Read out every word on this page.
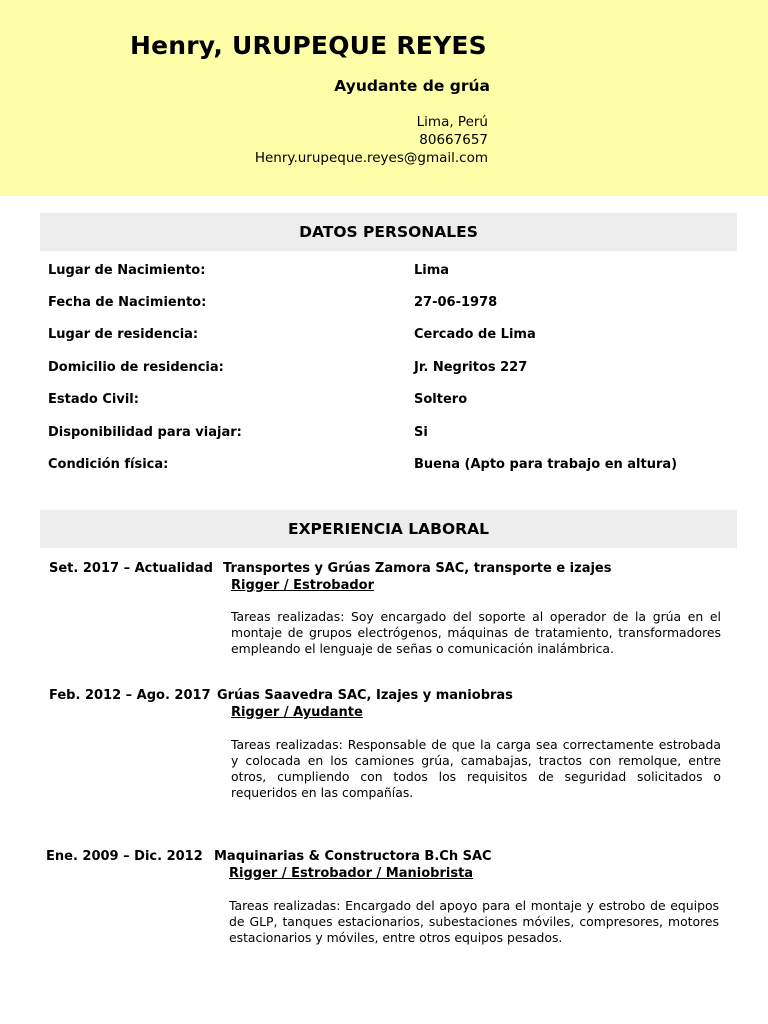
Henry, URUPEQUE REYES
Ayudante de grúa
Lima, Perú
80667657
Henry.urupeque.reyes@gmail.com
DATOS PERSONALES
Lugar de Nacimiento:	Lima
Fecha de Nacimiento:	27-06-1978
Lugar de residencia:	Cercado de Lima
Domicilio de residencia:	Jr. Negritos 227
Estado Civil:	Soltero
Disponibilidad para viajar:	Si
Condición física:	Buena (Apto para trabajo en altura)
EXPERIENCIA LABORAL
Set. 2017 – Actualidad Transportes y Grúas Zamora SAC, transporte e izajes
Rigger / Estrobador
Tareas realizadas: Soy encargado del soporte al operador de la grúa en el montaje de grupos electrógenos, máquinas de tratamiento, transformadores empleando el lenguaje de señas o comunicación inalámbrica.
Feb. 2012 – Ago. 2017 Grúas Saavedra SAC, Izajes y maniobras
Rigger / Ayudante
Tareas realizadas: Responsable de que la carga sea correctamente estrobada y colocada en los camiones grúa, camabajas, tractos con remolque, entre otros, cumpliendo con todos los requisitos de seguridad solicitados o requeridos en las compañías.
Ene. 2009 – Dic. 2012 Maquinarias & Constructora B.Ch SAC
Rigger / Estrobador / Maniobrista
Tareas realizadas: Encargado del apoyo para el montaje y estrobo de equipos de GLP, tanques estacionarios, subestaciones móviles, compresores, motores estacionarios y móviles, entre otros equipos pesados.
